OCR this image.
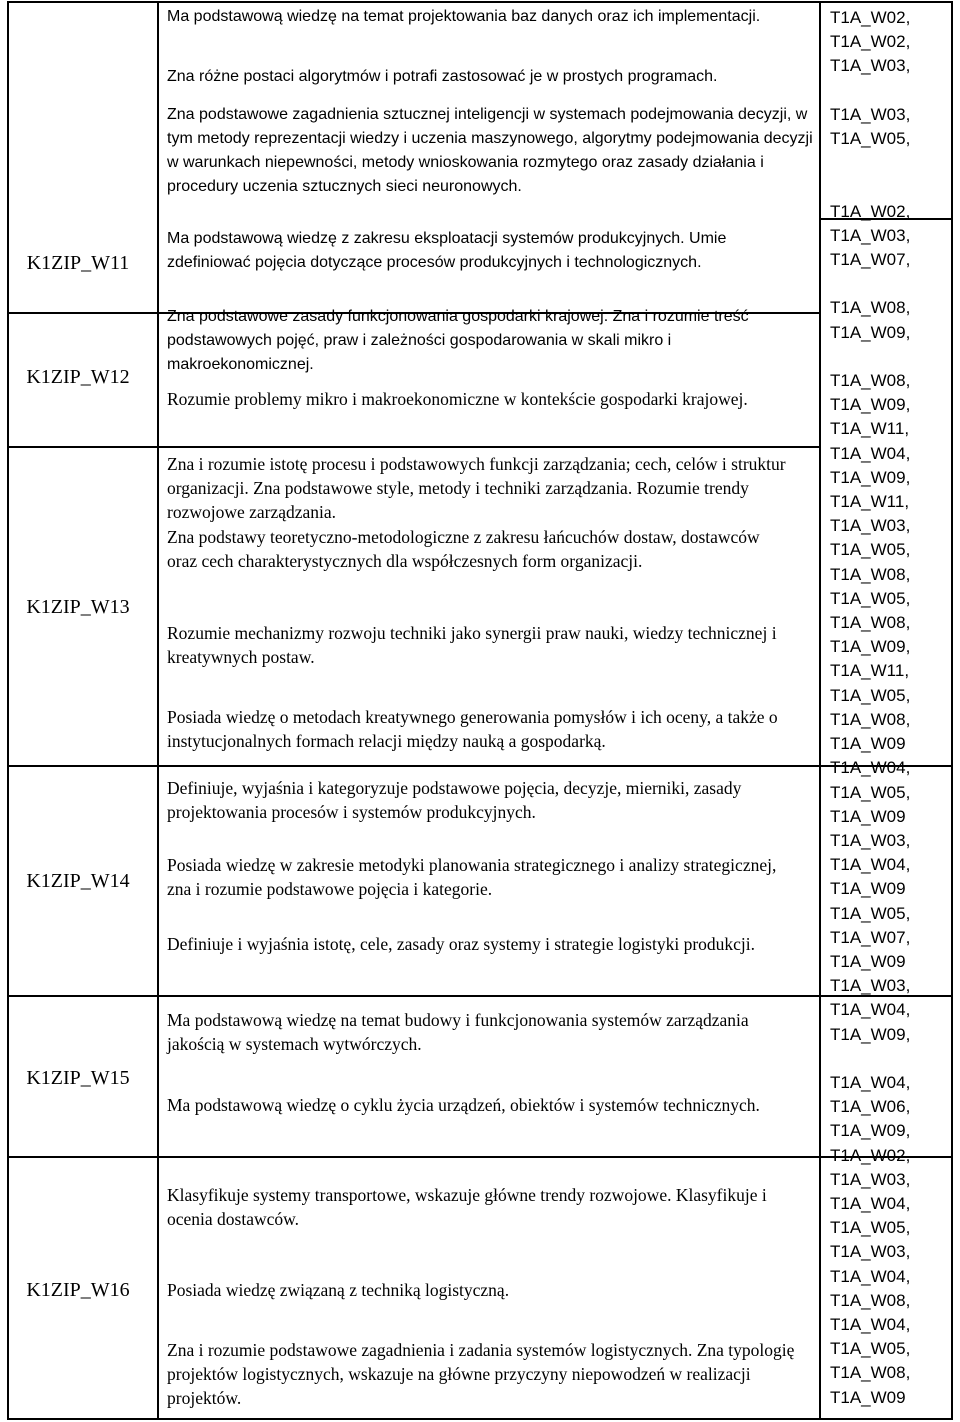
K1ZIP_W11
K1ZIP_W12
K1ZIP_W13
K1ZIP_W14
K1ZIP_W15
K1ZIP_W16
Ma podstawową wiedzę na temat projektowania baz danych oraz ich implementacji.
Zna różne postaci algorytmów i potrafi zastosować je w prostych programach.
Zna podstawowe zagadnienia sztucznej inteligencji w systemach podejmowania decyzji, w tym metody reprezentacji wiedzy i uczenia maszynowego, algorytmy podejmowania decyzji w warunkach niepewności, metody wnioskowania rozmytego oraz zasady działania i procedury uczenia sztucznych sieci neuronowych.
Ma podstawową wiedzę z zakresu eksploatacji systemów produkcyjnych. Umie zdefiniować pojęcia dotyczące procesów produkcyjnych i technologicznych.
Zna podstawowe zasady funkcjonowania gospodarki krajowej. Zna i rozumie treść podstawowych pojęć, praw i zależności gospodarowania w skali mikro i makroekonomicznej.
Rozumie problemy mikro i makroekonomiczne w kontekście gospodarki krajowej.
Zna i rozumie istotę procesu i podstawowych funkcji zarządzania; cech, celów i struktur organizacji. Zna podstawowe style, metody i techniki zarządzania. Rozumie trendy rozwojowe zarządzania.
Zna podstawy teoretyczno-metodologiczne z zakresu łańcuchów dostaw, dostawców oraz cech charakterystycznych dla współczesnych form organizacji.
Rozumie mechanizmy rozwoju techniki jako synergii praw nauki, wiedzy technicznej i kreatywnych postaw.
Posiada wiedzę o metodach kreatywnego generowania pomysłów i ich oceny, a także o instytucjonalnych formach relacji między nauką a gospodarką.
Definiuje, wyjaśnia i kategoryzuje podstawowe pojęcia, decyzje, mierniki, zasady projektowania procesów i systemów produkcyjnych.
Posiada wiedzę w zakresie metodyki planowania strategicznego i analizy strategicznej, zna i rozumie podstawowe pojęcia i kategorie.
Definiuje i wyjaśnia istotę, cele, zasady oraz systemy i strategie logistyki produkcji.
Ma podstawową wiedzę na temat budowy i funkcjonowania systemów zarządzania jakością w systemach wytwórczych.
Ma podstawową wiedzę o cyklu życia urządzeń, obiektów i systemów technicznych.
Klasyfikuje systemy transportowe, wskazuje główne trendy rozwojowe. Klasyfikuje i ocenia dostawców.
Posiada wiedzę związaną z techniką logistyczną.
Zna i rozumie podstawowe zagadnienia i zadania systemów logistycznych. Zna typologię projektów logistycznych, wskazuje na główne przyczyny niepowodzeń w realizacji projektów.
T1A_W02,
T1A_W02,
T1A_W03,

T1A_W03,
T1A_W05,

T1A_W02,
T1A_W03,
T1A_W07,

T1A_W08,
T1A_W09,

T1A_W08,
T1A_W09,
T1A_W11,
T1A_W04,
T1A_W09,
T1A_W11,
T1A_W03,
T1A_W05,
T1A_W08,
T1A_W05,
T1A_W08,
T1A_W09,
T1A_W11,
T1A_W05,
T1A_W08,
T1A_W09
T1A_W04,
T1A_W05,
T1A_W09
T1A_W03,
T1A_W04,
T1A_W09
T1A_W05,
T1A_W07,
T1A_W09
T1A_W03,
T1A_W04,
T1A_W09,

T1A_W04,
T1A_W06,
T1A_W09,
T1A_W02,
T1A_W03,
T1A_W04,
T1A_W05,
T1A_W03,
T1A_W04,
T1A_W08,
T1A_W04,
T1A_W05,
T1A_W08,
T1A_W09
